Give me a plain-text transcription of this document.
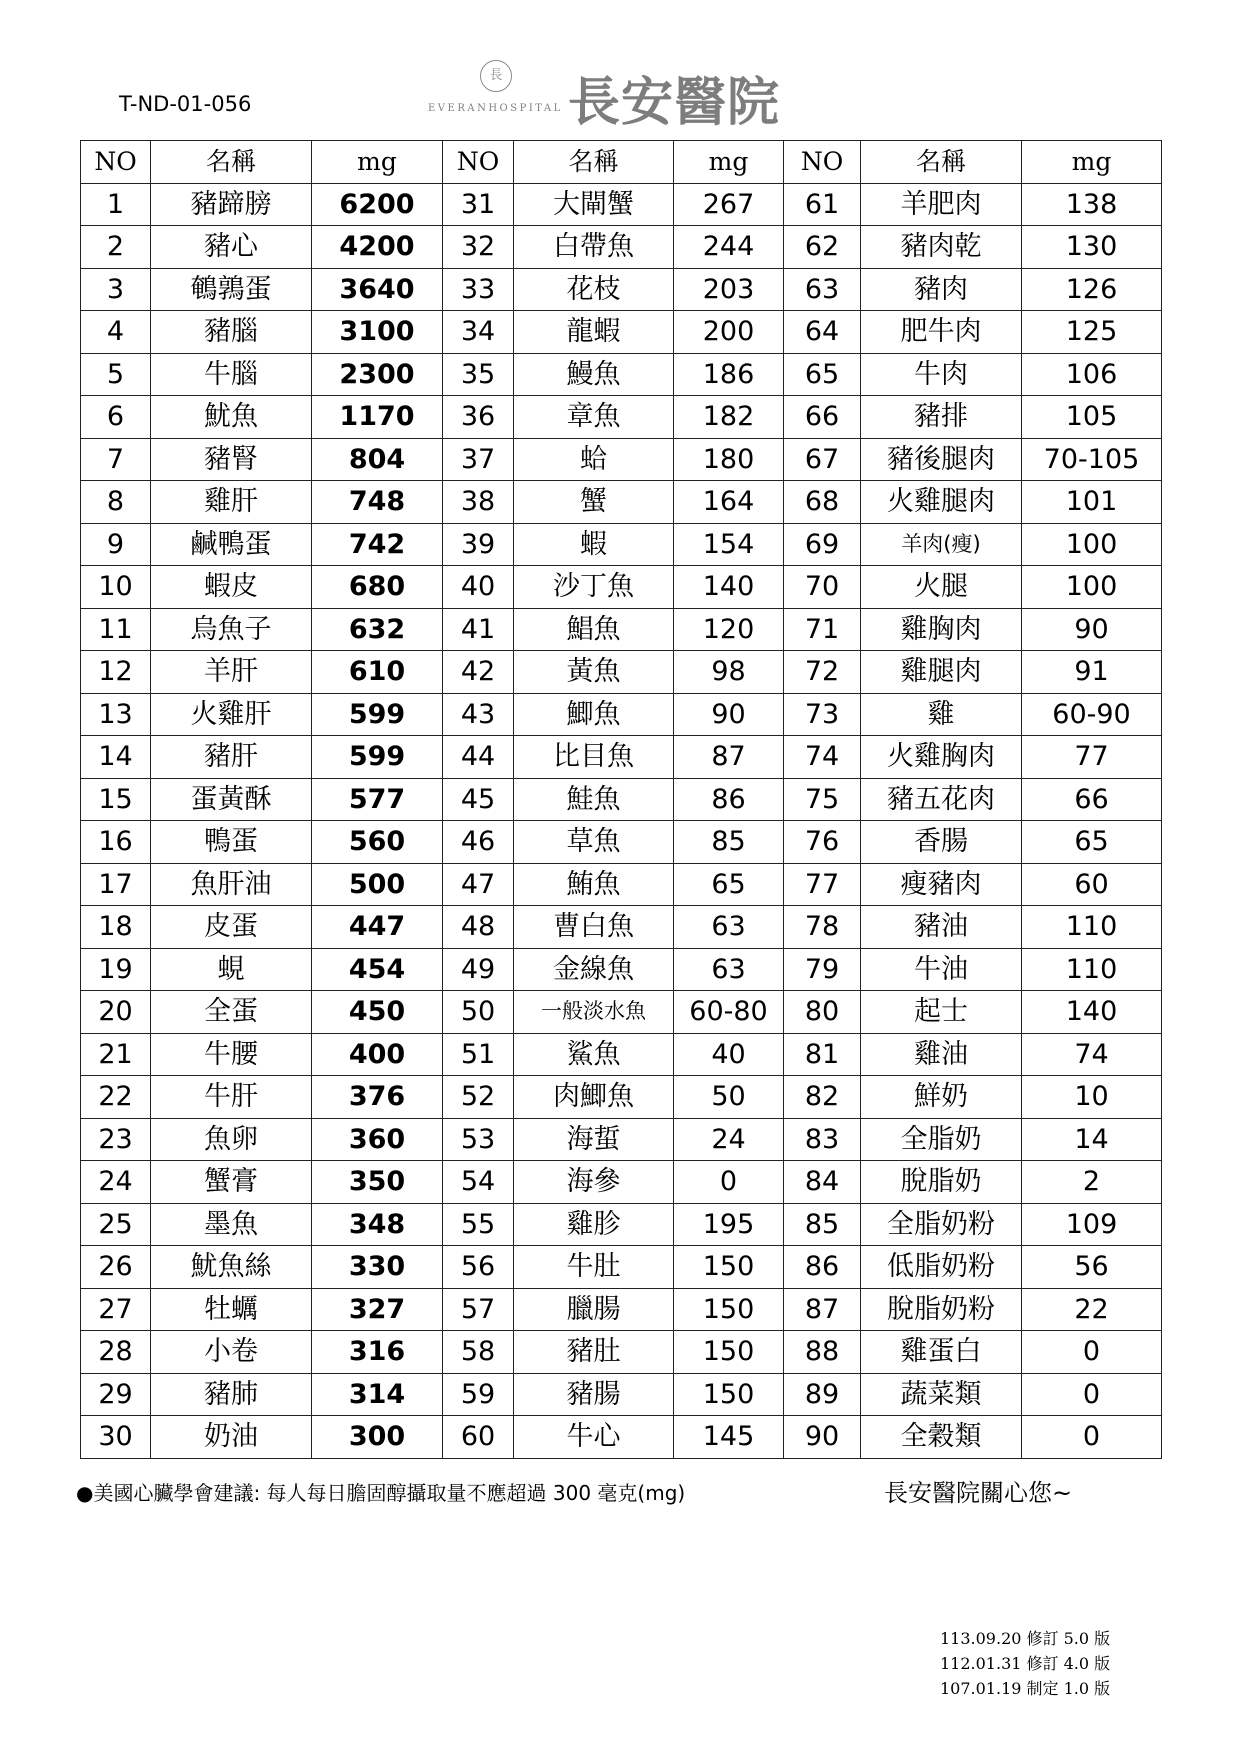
T-ND-01-056
長
EVERANHOSPITAL 長安醫院
NO	名稱	mg	NO	名稱	mg	NO	名稱	mg
1	豬蹄膀	6200	31	大閘蟹	267	61	羊肥肉	138
2	豬心	4200	32	白帶魚	244	62	豬肉乾	130
3	鵪鶉蛋	3640	33	花枝	203	63	豬肉	126
4	豬腦	3100	34	龍蝦	200	64	肥牛肉	125
5	牛腦	2300	35	鰻魚	186	65	牛肉	106
6	魷魚	1170	36	章魚	182	66	豬排	105
7	豬腎	804	37	蛤	180	67	豬後腿肉	70-105
8	雞肝	748	38	蟹	164	68	火雞腿肉	101
9	鹹鴨蛋	742	39	蝦	154	69	羊肉(瘦)	100
10	蝦皮	680	40	沙丁魚	140	70	火腿	100
11	烏魚子	632	41	鯧魚	120	71	雞胸肉	90
12	羊肝	610	42	黃魚	98	72	雞腿肉	91
13	火雞肝	599	43	鯽魚	90	73	雞	60-90
14	豬肝	599	44	比目魚	87	74	火雞胸肉	77
15	蛋黃酥	577	45	鮭魚	86	75	豬五花肉	66
16	鴨蛋	560	46	草魚	85	76	香腸	65
17	魚肝油	500	47	鮪魚	65	77	瘦豬肉	60
18	皮蛋	447	48	曹白魚	63	78	豬油	110
19	蜆	454	49	金線魚	63	79	牛油	110
20	全蛋	450	50	一般淡水魚	60-80	80	起士	140
21	牛腰	400	51	鯊魚	40	81	雞油	74
22	牛肝	376	52	肉鯽魚	50	82	鮮奶	10
23	魚卵	360	53	海蜇	24	83	全脂奶	14
24	蟹膏	350	54	海參	0	84	脫脂奶	2
25	墨魚	348	55	雞胗	195	85	全脂奶粉	109
26	魷魚絲	330	56	牛肚	150	86	低脂奶粉	56
27	牡蠣	327	57	臘腸	150	87	脫脂奶粉	22
28	小卷	316	58	豬肚	150	88	雞蛋白	0
29	豬肺	314	59	豬腸	150	89	蔬菜類	0
30	奶油	300	60	牛心	145	90	全穀類	0
●美國心臟學會建議: 每人每日膽固醇攝取量不應超過 300 毫克(mg)	長安醫院關心您~
113.09.20 修訂 5.0 版
112.01.31 修訂 4.0 版
107.01.19 制定 1.0 版
